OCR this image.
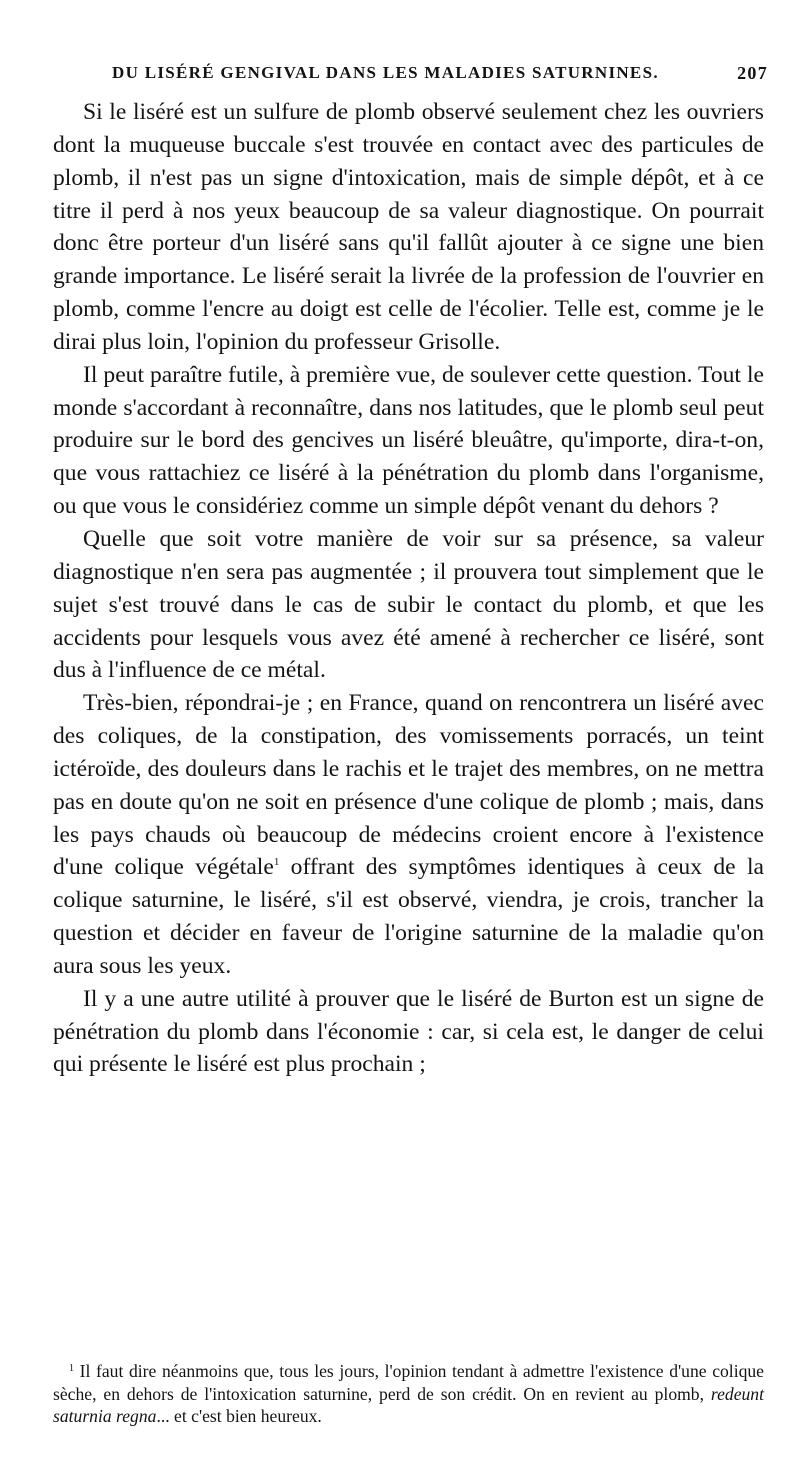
DU LISÉRÉ GENGIVAL DANS LES MALADIES SATURNINES.	207

Si le liséré est un sulfure de plomb observé seulement chez les ouvriers dont la muqueuse buccale s'est trouvée en contact avec des particules de plomb, il n'est pas un signe d'intoxication, mais de simple dépôt, et à ce titre il perd à nos yeux beaucoup de sa valeur diagnostique. On pourrait donc être porteur d'un liséré sans qu'il fallût ajouter à ce signe une bien grande importance. Le liséré serait la livrée de la profession de l'ouvrier en plomb, comme l'encre au doigt est celle de l'écolier. Telle est, comme je le dirai plus loin, l'opinion du professeur Grisolle.

Il peut paraître futile, à première vue, de soulever cette question. Tout le monde s'accordant à reconnaître, dans nos latitudes, que le plomb seul peut produire sur le bord des gencives un liséré bleuâtre, qu'importe, dira-t-on, que vous rattachiez ce liséré à la pénétration du plomb dans l'organisme, ou que vous le considériez comme un simple dépôt venant du dehors ?

Quelle que soit votre manière de voir sur sa présence, sa valeur diagnostique n'en sera pas augmentée ; il prouvera tout simplement que le sujet s'est trouvé dans le cas de subir le contact du plomb, et que les accidents pour lesquels vous avez été amené à rechercher ce liséré, sont dus à l'influence de ce métal.

Très-bien, répondrai-je ; en France, quand on rencontrera un liséré avec des coliques, de la constipation, des vomissements porracés, un teint ictéroïde, des douleurs dans le rachis et le trajet des membres, on ne mettra pas en doute qu'on ne soit en présence d'une colique de plomb ; mais, dans les pays chauds où beaucoup de médecins croient encore à l'existence d'une colique végétale$^1$ offrant des symptômes identiques à ceux de la colique saturnine, le liséré, s'il est observé, viendra, je crois, trancher la question et décider en faveur de l'origine saturnine de la maladie qu'on aura sous les yeux.

Il y a une autre utilité à prouver que le liséré de Burton est un signe de pénétration du plomb dans l'économie : car, si cela est, le danger de celui qui présente le liséré est plus prochain ;

$^1$ Il faut dire néanmoins que, tous les jours, l'opinion tendant à admettre l'existence d'une colique sèche, en dehors de l'intoxication saturnine, perd de son crédit. On en revient au plomb, redeunt saturnia regna... et c'est bien heureux.
